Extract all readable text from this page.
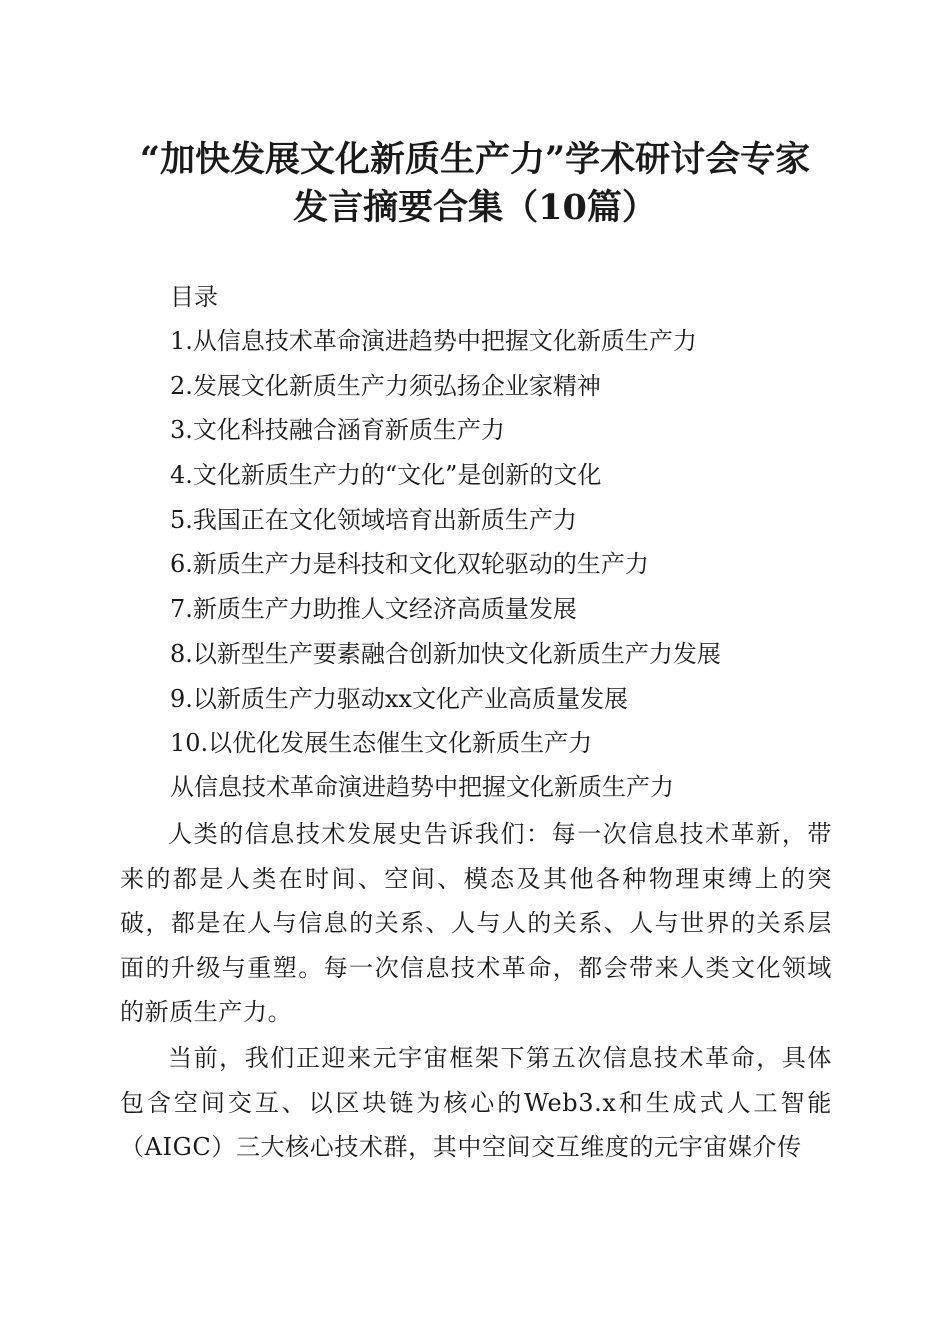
“加快发展文化新质生产力”学术研讨会专家
发言摘要合集（10篇）
目录
1.从信息技术革命演进趋势中把握文化新质生产力
2.发展文化新质生产力须弘扬企业家精神
3.文化科技融合涵育新质生产力
4.文化新质生产力的“文化”是创新的文化
5.我国正在文化领域培育出新质生产力
6.新质生产力是科技和文化双轮驱动的生产力
7.新质生产力助推人文经济高质量发展
8.以新型生产要素融合创新加快文化新质生产力发展
9.以新质生产力驱动xx文化产业高质量发展
10.以优化发展生态催生文化新质生产力
从信息技术革命演进趋势中把握文化新质生产力

人类的信息技术发展史告诉我们：每一次信息技术革新，带来的都是人类在时间、空间、模态及其他各种物理束缚上的突破，都是在人与信息的关系、人与人的关系、人与世界的关系层面的升级与重塑。每一次信息技术革命，都会带来人类文化领域的新质生产力。

当前，我们正迎来元宇宙框架下第五次信息技术革命，具体包含空间交互、以区块链为核心的Web3.x和生成式人工智能（AIGC）三大核心技术群，其中空间交互维度的元宇宙媒介传
